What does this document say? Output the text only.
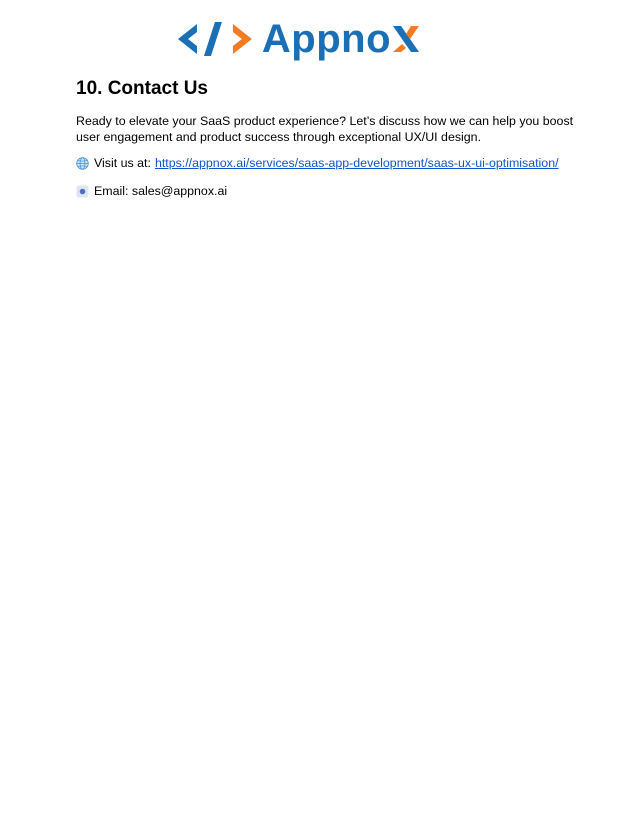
Appno
10. Contact Us

Ready to elevate your SaaS product experience? Let’s discuss how we can help you boost user engagement and product success through exceptional UX/UI design.

Visit us at: https://appnox.ai/services/saas-app-development/saas-ux-ui-optimisation/
Email: sales@appnox.ai
